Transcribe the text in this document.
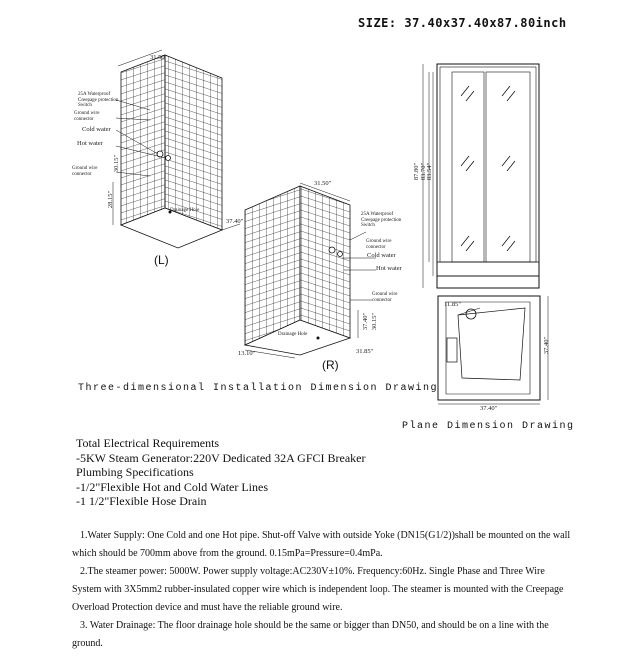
SIZE: 37.40x37.40x87.80inch
31.50"
25A Waterproof Creepage protection Switch
Ground wire connector
Cold water
Hot water
Ground wire connector
Drainage Hole
37.40"
30.15"
28.15"
(L)
31.50"
25A Waterproof Creepage protection Switch
Ground wire connector
Cold water
Hot water
Ground wire connector
Drainage Hole
13.10"	31.85"
37.40" 30.15"
(R)
87.80" 83.70" 83.54"
11.85"
37.40"
37.40"
Three-dimensional Installation Dimension Drawing
Plane Dimension Drawing
Total Electrical Requirements
-5KW Steam Generator:220V Dedicated 32A GFCI Breaker
Plumbing Specifications
-1/2"Flexible Hot and Cold Water Lines
-1 1/2"Flexible Hose Drain

1.Water Supply: One Cold and one Hot pipe. Shut-off Valve with outside Yoke (DN15(G1/2))shall be mounted on the wall which should be 700mm above from the ground. 0.15mPa=Pressure=0.4mPa.

2.The steamer power: 5000W. Power supply voltage:AC230V±10%. Frequency:60Hz. Single Phase and Three Wire System with 3X5mm2 rubber-insulated copper wire which is independent loop. The steamer is mounted with the Creepage Overload Protection device and must have the reliable ground wire.

3. Water Drainage: The floor drainage hole should be the same or bigger than DN50, and should be on a line with the ground.
